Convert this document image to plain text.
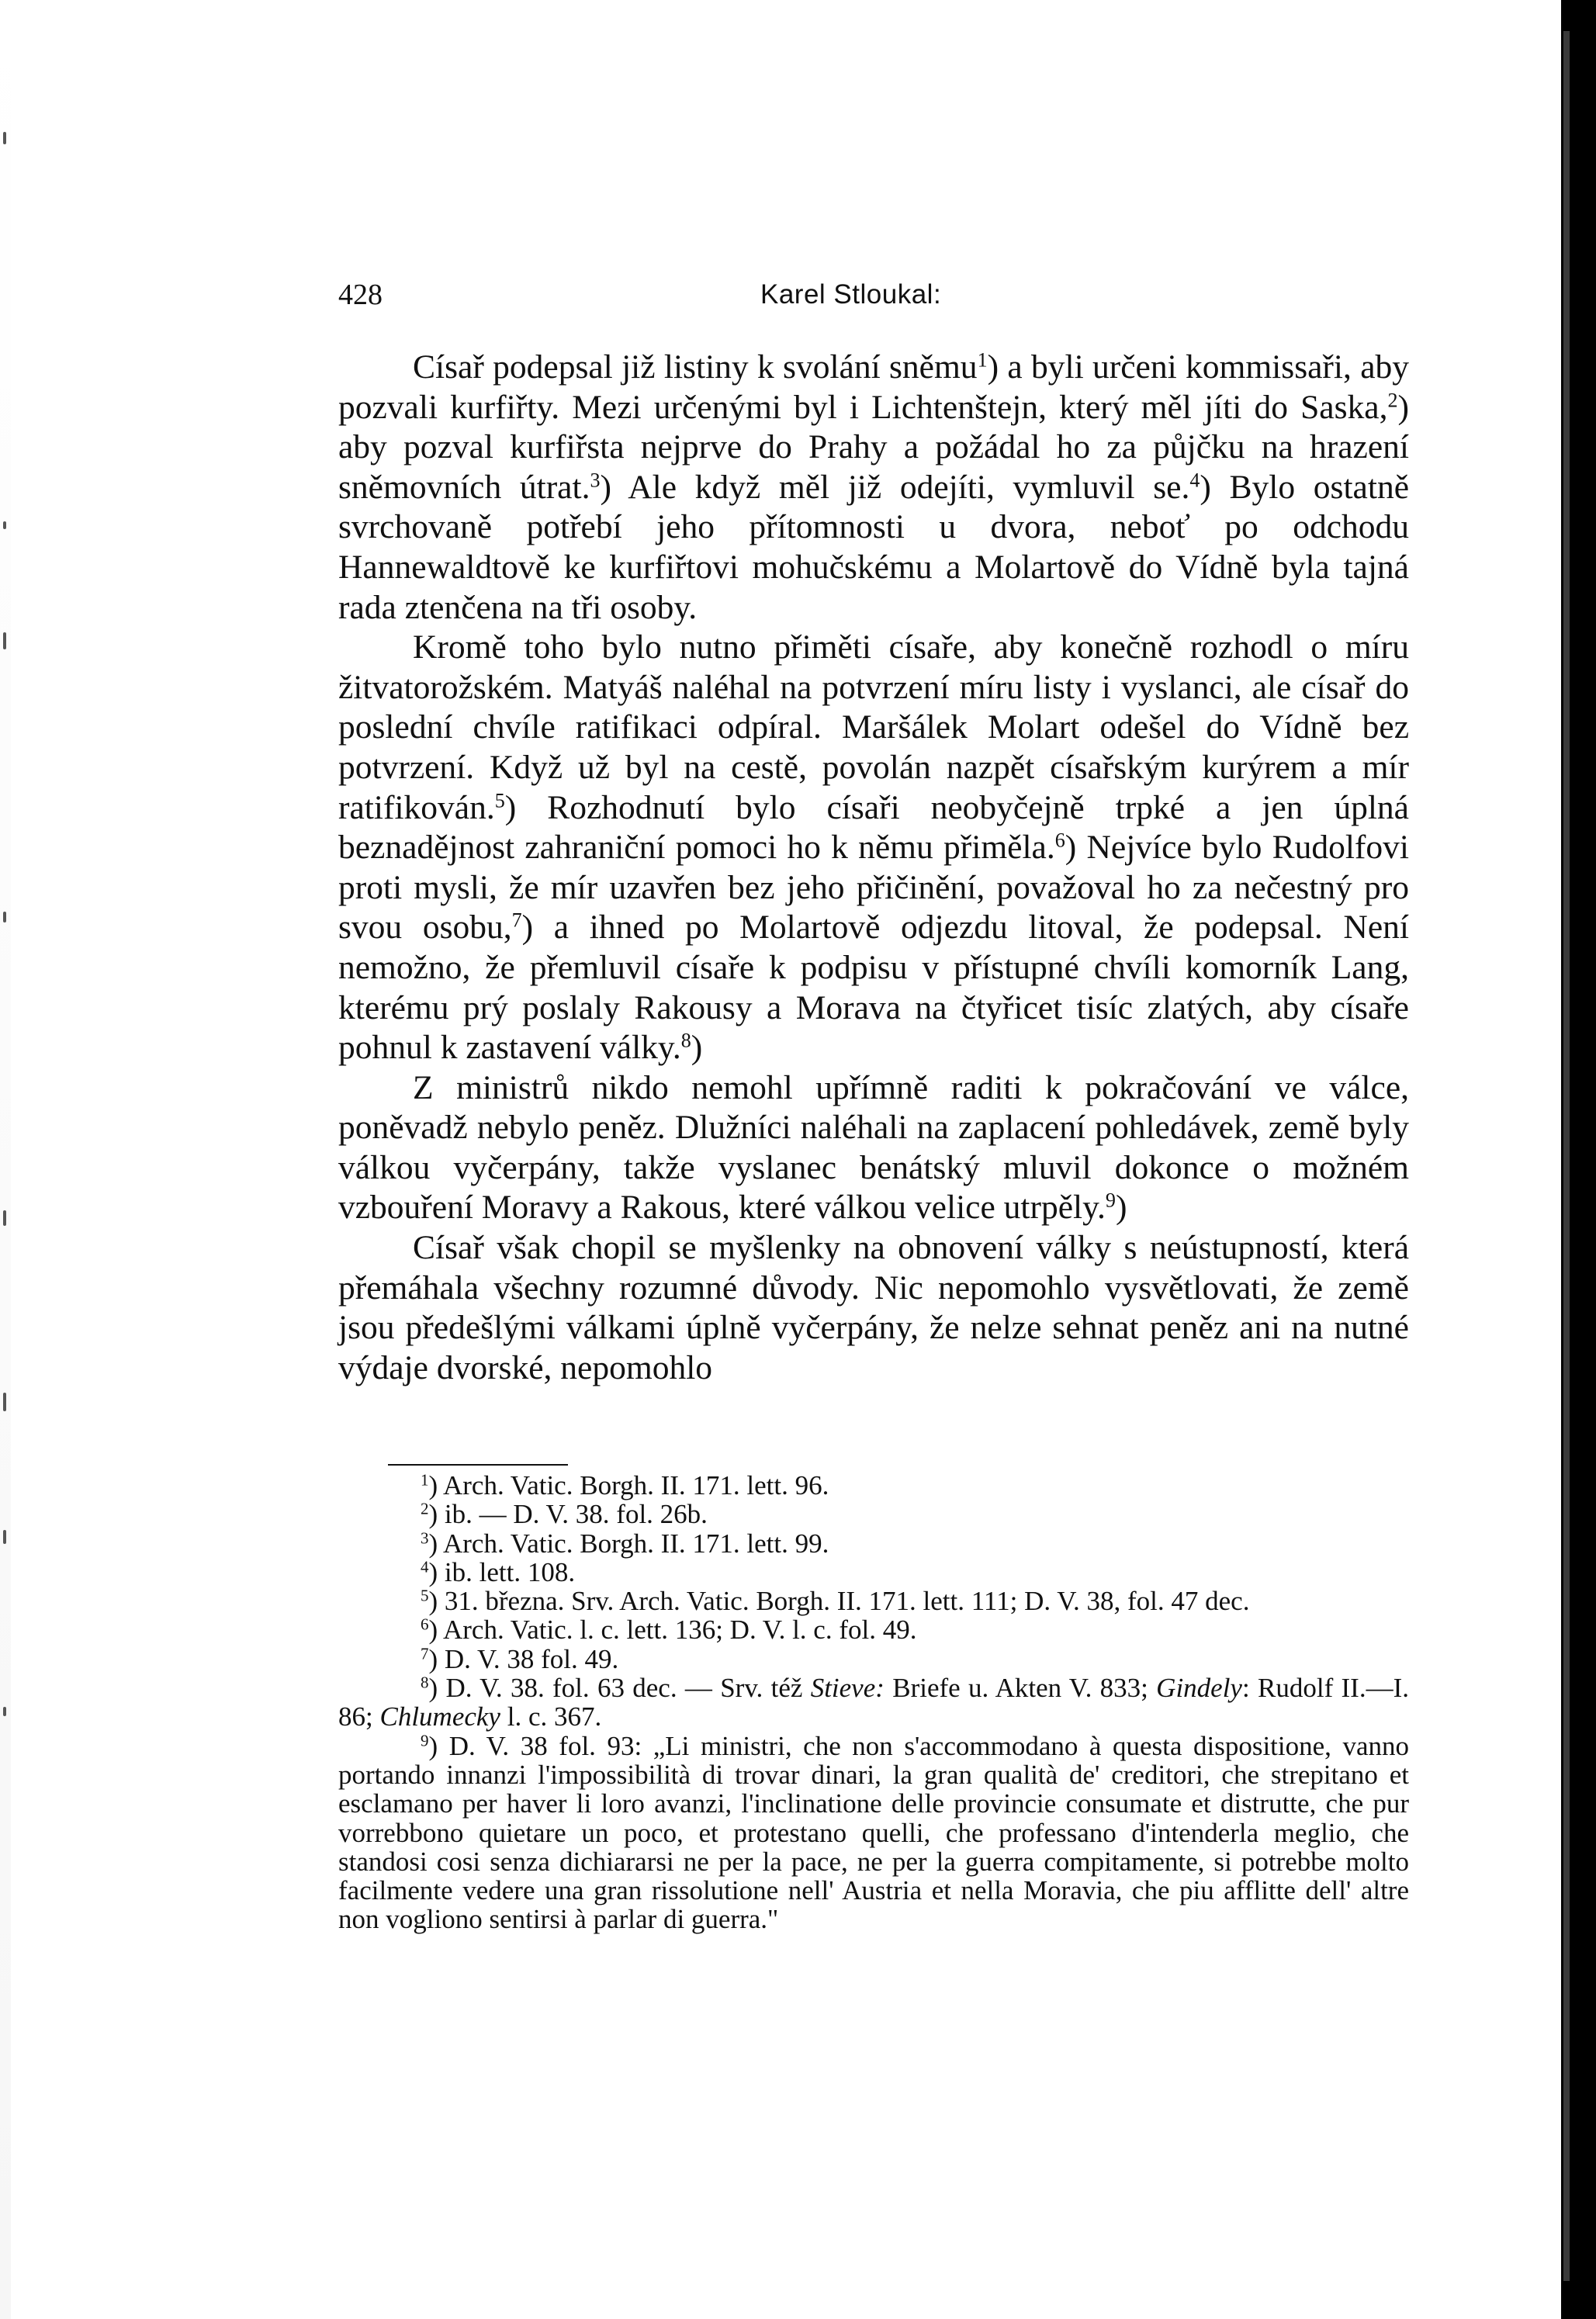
428	Karel Stloukal:

Císař podepsal již listiny k svolání sněmu$^1$) a byli určeni kommissaři, aby pozvali kurfiřty. Mezi určenými byl i Lichtenštejn, který měl jíti do Saska,$^2$) aby pozval kurfiřsta nejprve do Prahy a požádal ho za půjčku na hrazení sněmovních útrat.$^3$) Ale když měl již odejíti, vymluvil se.$^4$) Bylo ostatně svrchovaně potřebí jeho přítomnosti u dvora, neboť po odchodu Hannewaldtově ke kurfiřtovi mohučskému a Molartově do Vídně byla tajná rada ztenčena na tři osoby.

Kromě toho bylo nutno přiměti císaře, aby konečně rozhodl o míru žitvatorožském. Matyáš naléhal na potvrzení míru listy i vyslanci, ale císař do poslední chvíle ratifikaci odpíral. Maršálek Molart odešel do Vídně bez potvrzení. Když už byl na cestě, povolán nazpět císařským kurýrem a mír ratifikován.$^5$) Rozhodnutí bylo císaři neobyčejně trpké a jen úplná beznadějnost zahraniční pomoci ho k němu přiměla.$^6$) Nejvíce bylo Rudolfovi proti mysli, že mír uzavřen bez jeho přičinění, považoval ho za nečestný pro svou osobu,$^7$) a ihned po Molartově odjezdu litoval, že podepsal. Není nemožno, že přemluvil císaře k podpisu v přístupné chvíli komorník Lang, kterému prý poslaly Rakousy a Morava na čtyřicet tisíc zlatých, aby císaře pohnul k zastavení války.$^8$)

Z ministrů nikdo nemohl upřímně raditi k pokračování ve válce, poněvadž nebylo peněz. Dlužníci naléhali na zaplacení pohledávek, země byly válkou vyčerpány, takže vyslanec benátský mluvil dokonce o možném vzbouření Moravy a Rakous, které válkou velice utrpěly.$^9$)

Císař však chopil se myšlenky na obnovení války s neústupností, která přemáhala všechny rozumné důvody. Nic nepomohlo vysvětlovati, že země jsou předešlými válkami úplně vyčerpány, že nelze sehnat peněz ani na nutné výdaje dvorské, nepomohlo

$^1$) Arch. Vatic. Borgh. II. 171. lett. 96.

$^2$) ib. — D. V. 38. fol. 26b.

$^3$) Arch. Vatic. Borgh. II. 171. lett. 99.

$^4$) ib. lett. 108.

$^5$) 31. března. Srv. Arch. Vatic. Borgh. II. 171. lett. 111; D. V. 38, fol. 47 dec.

$^6$) Arch. Vatic. l. c. lett. 136; D. V. l. c. fol. 49.

$^7$) D. V. 38 fol. 49.

$^8$) D. V. 38. fol. 63 dec. — Srv. též Stieve: Briefe u. Akten V. 833; Gindely: Rudolf II.—I. 86; Chlumecky l. c. 367.

$^9$) D. V. 38 fol. 93: „Li ministri, che non s'accommodano à questa dispositione, vanno portando innanzi l'impossibilità di trovar dinari, la gran qualità de' creditori, che strepitano et esclamano per haver li loro avanzi, l'inclinatione delle provincie consumate et distrutte, che pur vorrebbono quietare un poco, et protestano quelli, che professano d'intenderla meglio, che standosi cosi senza dichiararsi ne per la pace, ne per la guerra compitamente, si potrebbe molto facilmente vedere una gran rissolutione nell' Austria et nella Moravia, che piu afflitte dell' altre non vogliono sentirsi à parlar di guerra."
